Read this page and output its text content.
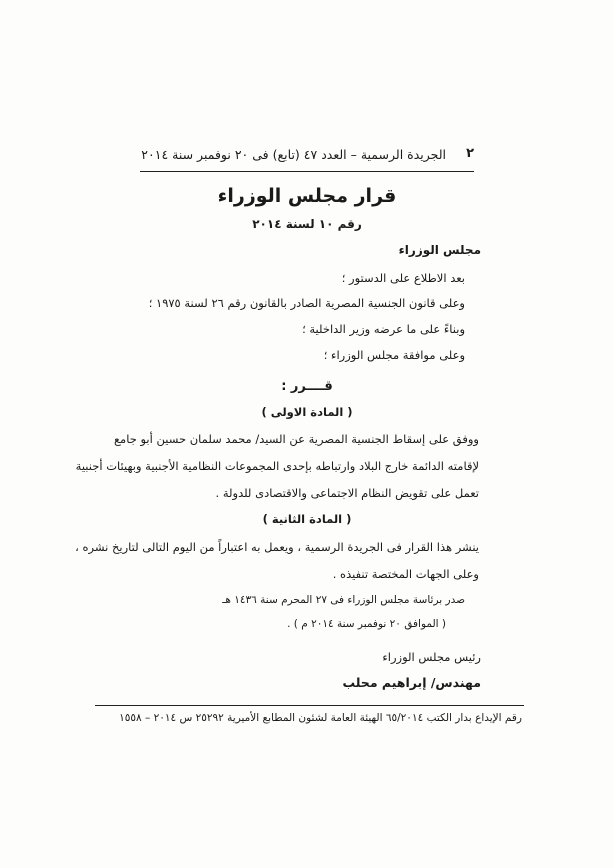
٢
الجريدة الرسمية – العدد ٤٧ (تابع) فى ٢٠ نوفمبر سنة ٢٠١٤
قرار مجلس الوزراء
رقم ١٠ لسنة ٢٠١٤
مجلس الوزراء
بعد الاطلاع على الدستور ؛
وعلى قانون الجنسية المصرية الصادر بالقانون رقم ٢٦ لسنة ١٩٧٥ ؛
وبناءً على ما عرضه وزير الداخلية ؛
وعلى موافقة مجلس الوزراء ؛
قــــرر :
( المادة الاولى )
ووفق على إسقاط الجنسية المصرية عن السيد/ محمد سلمان حسين أبو جامع
لإقامته الدائمة خارج البلاد وارتباطه بإحدى المجموعات النظامية الأجنبية وبهيئات أجنبية
تعمل على تقويض النظام الاجتماعى والاقتصادى للدولة .
( المادة الثانية )
ينشر هذا القرار فى الجريدة الرسمية ، ويعمل به اعتباراً من اليوم التالى لتاريخ نشره ،
وعلى الجهات المختصة تنفيذه .
صدر برئاسة مجلس الوزراء فى ٢٧ المحرم سنة ١٤٣٦ هـ
( الموافق ٢٠ نوفمبر سنة ٢٠١٤ م ) .
رئيس مجلس الوزراء
مهندس/ إبراهيم محلب
رقم الإيداع بدار الكتب ٦٥/٢٠١٤ الهيئة العامة لشئون المطابع الأميرية ٢٥٢٩٢ س ٢٠١٤ – ١٥٥٨
